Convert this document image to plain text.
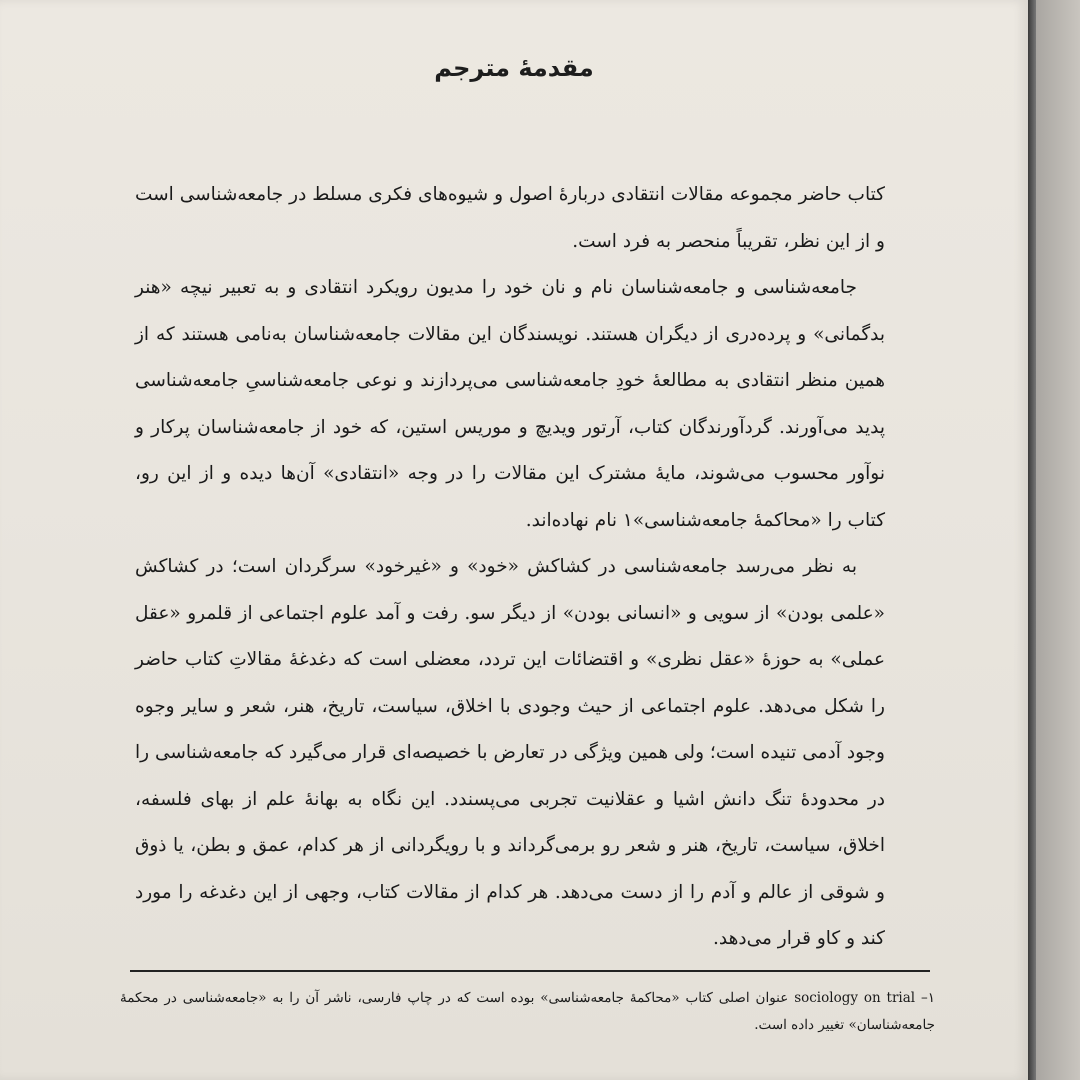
مقدمهٔ مترجم

کتاب حاضر مجموعه مقالات انتقادی دربارهٔ اصول و شیوه‌های فکری مسلط در جامعه‌شناسی است و از این نظر، تقریباً منحصر به فرد است.

جامعه‌شناسی و جامعه‌شناسان نام و نان خود را مدیون رویکرد انتقادی و به تعبیر نیچه «هنر بدگمانی» و پرده‌دری از دیگران هستند. نویسندگان این مقالات جامعه‌شناسان به‌نامی هستند که از همین منظر انتقادی به مطالعهٔ خودِ جامعه‌شناسی می‌پردازند و نوعی جامعه‌شناسیِ جامعه‌شناسی پدید می‌آورند. گردآورندگان کتاب، آرتور ویدیچ و موریس استین، که خود از جامعه‌شناسان پرکار و نوآور محسوب می‌شوند، مایهٔ مشترک این مقالات را در وجه «انتقادی» آن‌ها دیده و از این رو، کتاب را «محاکمهٔ جامعه‌شناسی»۱ نام نهاده‌اند.

به نظر می‌رسد جامعه‌شناسی در کشاکش «خود» و «غیرخود» سرگردان است؛ در کشاکش «علمی بودن» از سویی و «انسانی بودن» از دیگر سو. رفت و آمد علوم اجتماعی از قلمرو «عقل عملی» به حوزهٔ «عقل نظری» و اقتضائات این تردد، معضلی است که دغدغهٔ مقالاتِ کتاب حاضر را شکل می‌دهد. علوم اجتماعی از حیث وجودی با اخلاق، سیاست، تاریخ، هنر، شعر و سایر وجوه وجود آدمی تنیده است؛ ولی همین ویژگی در تعارض با خصیصه‌ای قرار می‌گیرد که جامعه‌شناسی را در محدودهٔ تنگ دانش اشیا و عقلانیت تجربی می‌پسندد. این نگاه به بهانهٔ علم از بهای فلسفه، اخلاق، سیاست، تاریخ، هنر و شعر رو برمی‌گرداند و با رویگردانی از هر کدام، عمق و بطن، یا ذوق و شوقی از عالم و آدم را از دست می‌دهد. هر کدام از مقالات کتاب، وجهی از این دغدغه را مورد کند و کاو قرار می‌دهد.

۱– sociology on trial عنوان اصلی کتاب «محاکمهٔ جامعه‌شناسی» بوده است که در چاپ فارسی، ناشر آن را به «جامعه‌شناسی در محکمهٔ جامعه‌شناسان» تغییر داده است.
